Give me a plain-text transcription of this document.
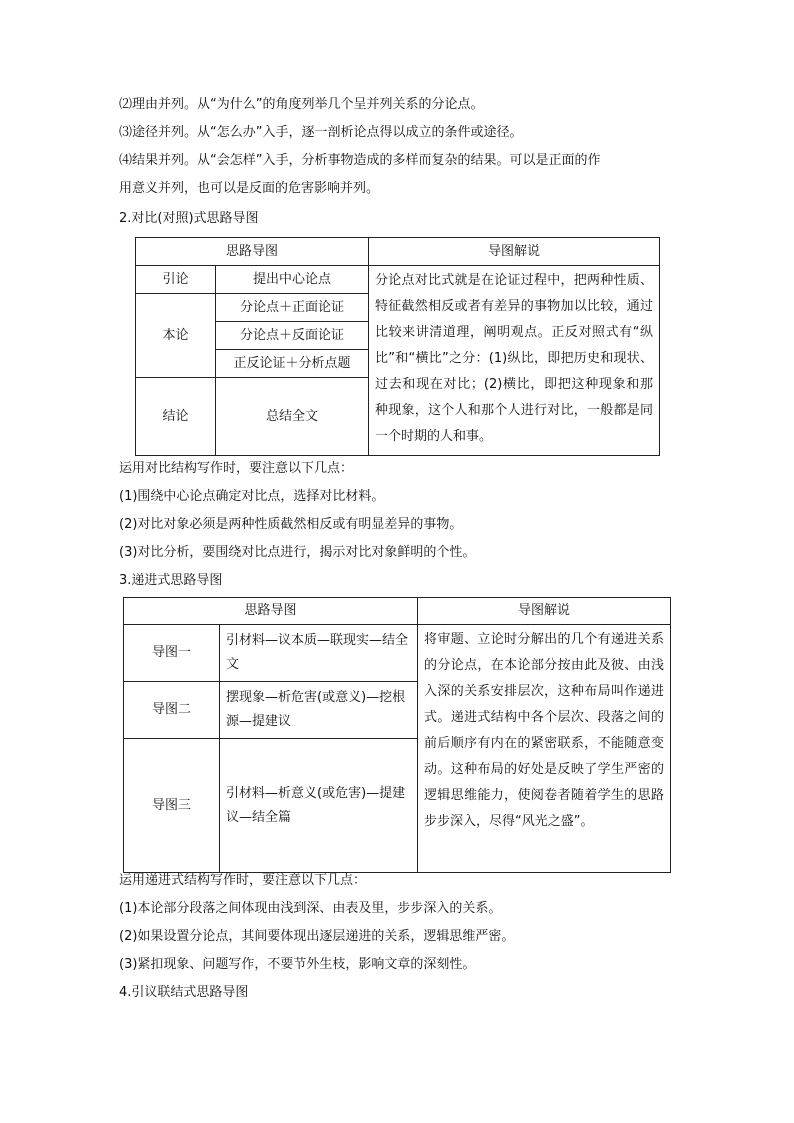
⑵理由并列。从“为什么”的角度列举几个呈并列关系的分论点。
⑶途径并列。从“怎么办”入手，逐一剖析论点得以成立的条件或途径。
⑷结果并列。从“会怎样”入手，分析事物造成的多样而复杂的结果。可以是正面的作
用意义并列，也可以是反面的危害影响并列。
2.对比(对照)式思路导图
思路导图		导图解说
引论	提出中心论点	分论点对比式就是在论证过程中，把两种性质、特征截然相反或者有差异的事物加以比较，通过比较来讲清道理，阐明观点。正反对照式有“纵比”和“横比”之分：(1)纵比，即把历史和现状、过去和现在对比；(2)横比，即把这种现象和那种现象，这个人和那个人进行对比，一般都是同一个时期的人和事。
本论	分论点＋正面论证	
	分论点＋反面论证	
	正反论证＋分析点题	
结论	总结全文	
运用对比结构写作时，要注意以下几点：
(1)围绕中心论点确定对比点，选择对比材料。
(2)对比对象必须是两种性质截然相反或有明显差异的事物。
(3)对比分析，要围绕对比点进行，揭示对比对象鲜明的个性。
3.递进式思路导图
思路导图		导图解说
导图一	引材料—议本质—联现实—结全文	将审题、立论时分解出的几个有递进关系的分论点，在本论部分按由此及彼、由浅入深的关系安排层次，这种布局叫作递进式。递进式结构中各个层次、段落之间的前后顺序有内在的紧密联系，不能随意变动。这种布局的好处是反映了学生严密的逻辑思维能力，使阅卷者随着学生的思路步步深入，尽得“风光之盛”。
导图二	摆现象—析危害(或意义)—挖根源—提建议	
导图三	引材料—析意义(或危害)—提建议—结全篇	
运用递进式结构写作时，要注意以下几点：
(1)本论部分段落之间体现由浅到深、由表及里，步步深入的关系。
(2)如果设置分论点，其间要体现出逐层递进的关系，逻辑思维严密。
(3)紧扣现象、问题写作，不要节外生枝，影响文章的深刻性。
4.引议联结式思路导图
